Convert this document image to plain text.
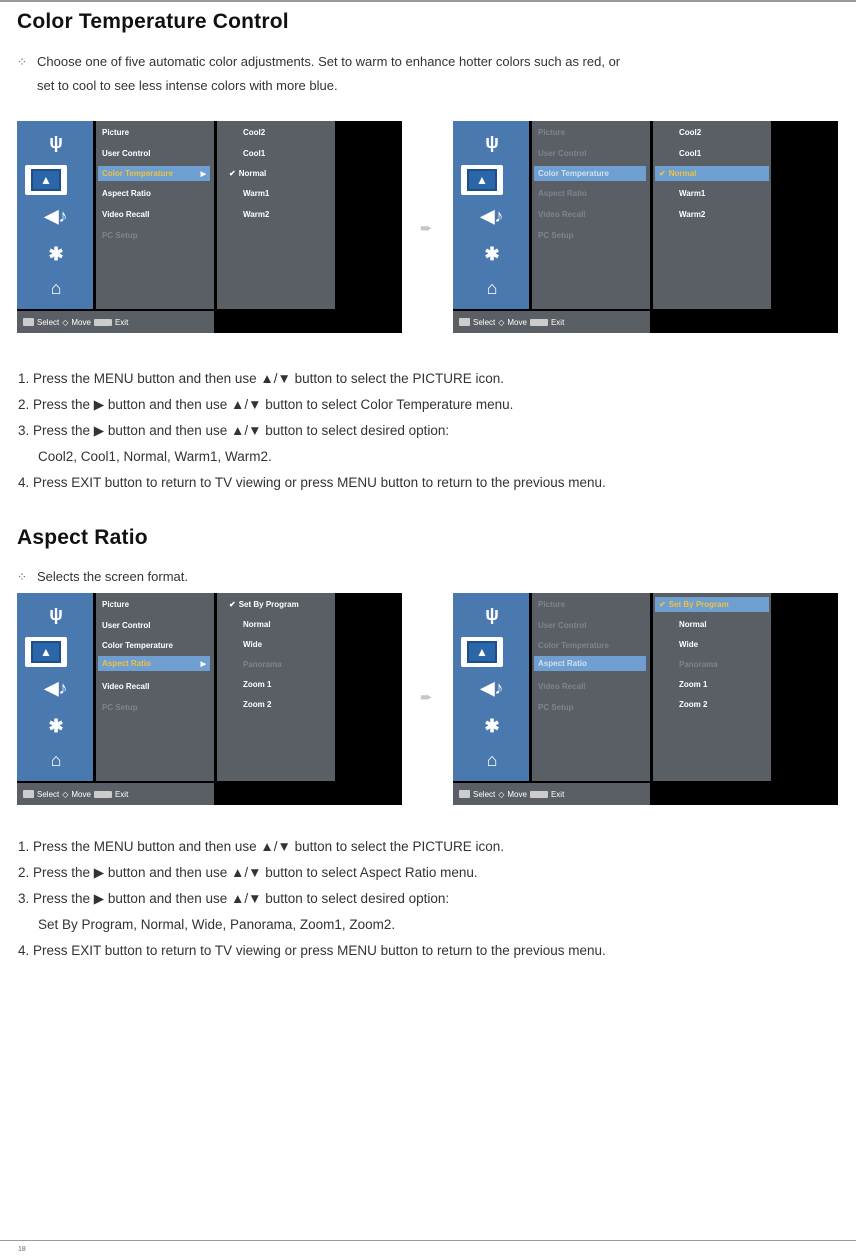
Color Temperature Control
⁘ Choose one of five automatic color adjustments. Set to warm to enhance hotter colors such as red, or
set to cool to see less intense colors with more blue.
ψ
▲
◀♪
✱
⌂
Picture
User Control
Color Temperature	▶
Aspect Ratio
Video Recall
PC Setup
Cool2
Cool1
✔ Normal
Warm1
Warm2
Select ◇ Move	Exit
➨
ψ
▲
◀♪
✱
⌂
Picture
User Control
Color Temperature
Aspect Ratio
Video Recall
PC Setup
Cool2
Cool1
✔ Normal
Warm1
Warm2
Select ◇ Move	Exit
1. Press the MENU button and then use ▲/▼ button to select the PICTURE icon.
2. Press the ▶ button and then use ▲/▼ button to select Color Temperature menu.
3. Press the ▶ button and then use ▲/▼ button to select desired option:
Cool2, Cool1, Normal, Warm1, Warm2.
4. Press EXIT button to return to TV viewing or press MENU button to return to the previous menu.
Aspect Ratio
⁘ Selects the screen format.
ψ
▲
◀♪
✱
⌂
Picture
User Control
Color Temperature
Aspect Ratio	▶
Video Recall
PC Setup
✔ Set By Program
Normal
Wide
Panorama
Zoom 1
Zoom 2
Select ◇ Move	Exit
➨
ψ
▲
◀♪
✱
⌂
Picture
User Control
Color Temperature
Aspect Ratio
Video Recall
PC Setup
✔ Set By Program
Normal
Wide
Panorama
Zoom 1
Zoom 2
Select ◇ Move	Exit
1. Press the MENU button and then use ▲/▼ button to select the PICTURE icon.
2. Press the ▶ button and then use ▲/▼ button to select Aspect Ratio menu.
3. Press the ▶ button and then use ▲/▼ button to select desired option:
Set By Program, Normal, Wide, Panorama, Zoom1, Zoom2.
4. Press EXIT button to return to TV viewing or press MENU button to return to the previous menu.
18
